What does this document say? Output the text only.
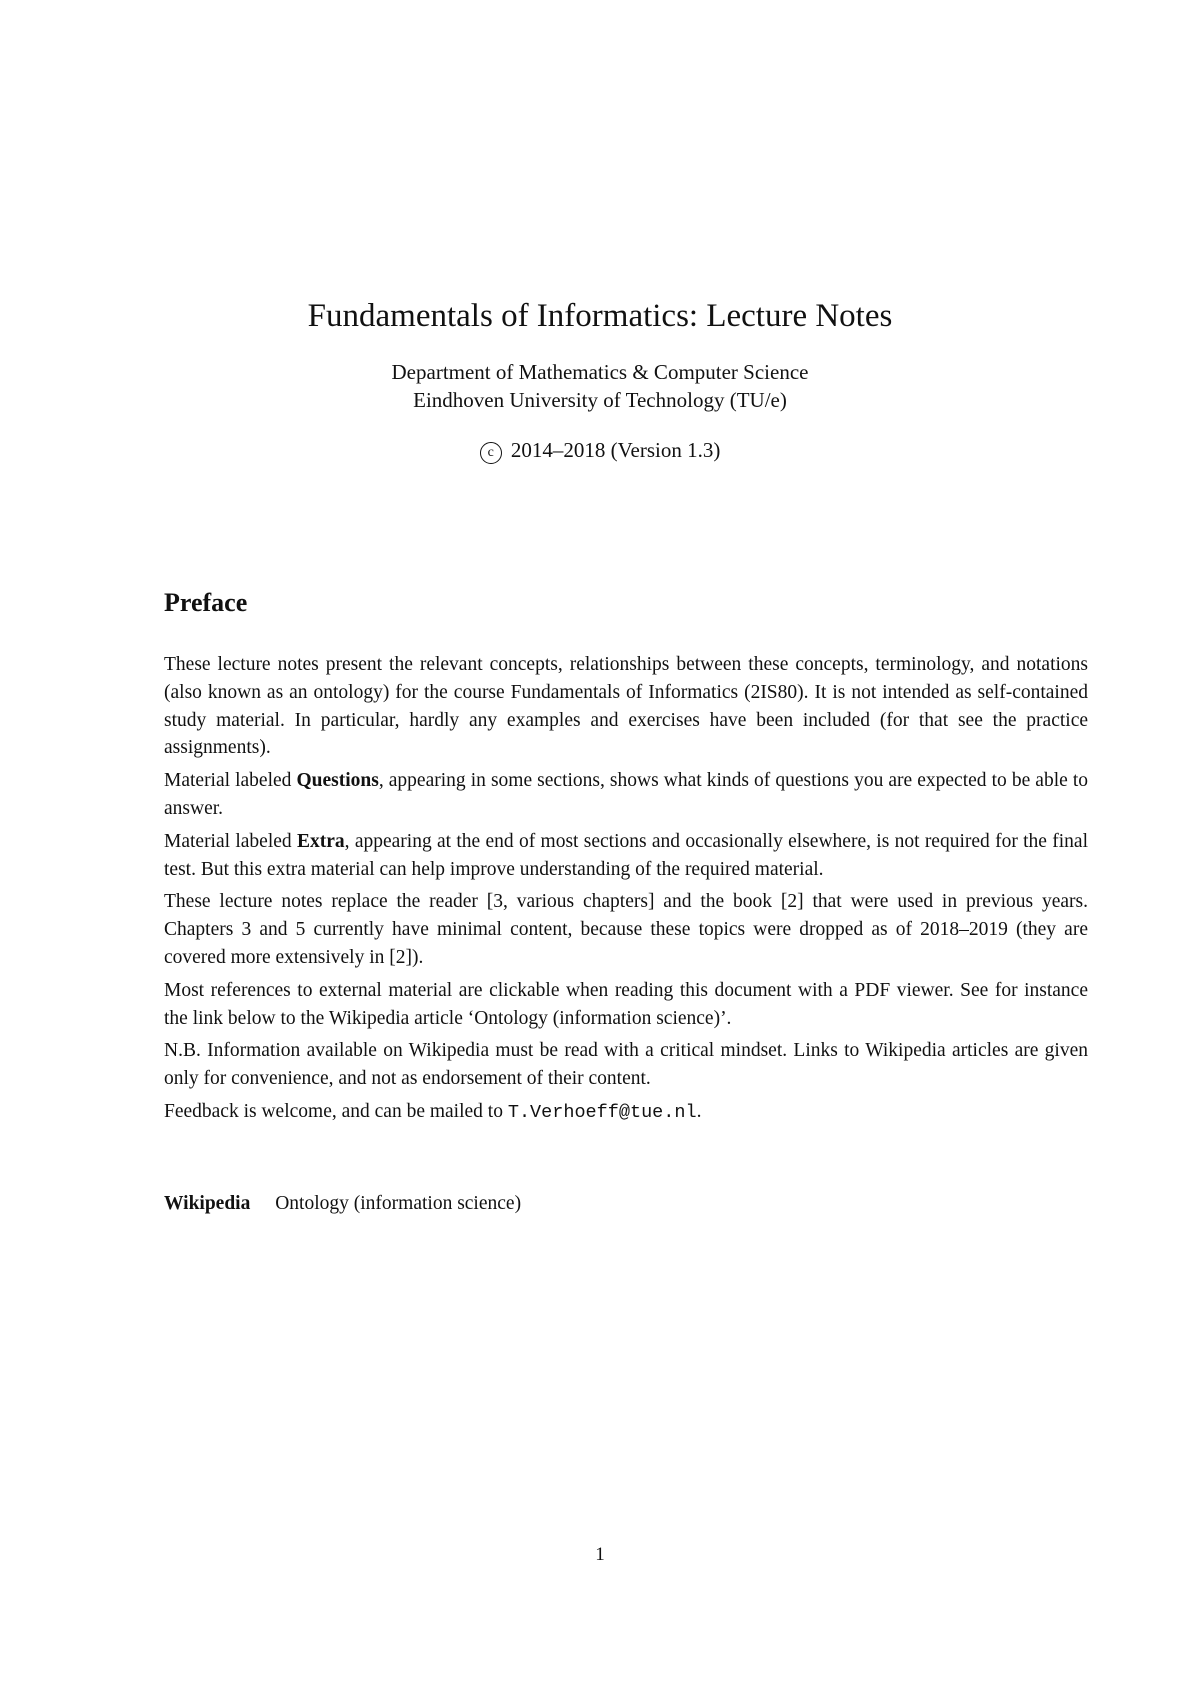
Fundamentals of Informatics: Lecture Notes
Department of Mathematics & Computer Science
Eindhoven University of Technology (TU/e)
c 2014–2018 (Version 1.3)
Preface

These lecture notes present the relevant concepts, relationships between these concepts, terminology, and notations (also known as an ontology) for the course Fundamentals of Informatics (2IS80). It is not intended as self-contained study material. In particular, hardly any examples and exercises have been included (for that see the practice assignments).

Material labeled Questions, appearing in some sections, shows what kinds of questions you are expected to be able to answer.

Material labeled Extra, appearing at the end of most sections and occasionally elsewhere, is not required for the final test. But this extra material can help improve understanding of the required material.

These lecture notes replace the reader [3, various chapters] and the book [2] that were used in previous years. Chapters 3 and 5 currently have minimal content, because these topics were dropped as of 2018–2019 (they are covered more extensively in [2]).

Most references to external material are clickable when reading this document with a PDF viewer. See for instance the link below to the Wikipedia article ‘Ontology (information science)’.

N.B. Information available on Wikipedia must be read with a critical mindset. Links to Wikipedia articles are given only for convenience, and not as endorsement of their content.

Feedback is welcome, and can be mailed to T.Verhoeff@tue.nl.

Wikipedia Ontology (information science)
1
